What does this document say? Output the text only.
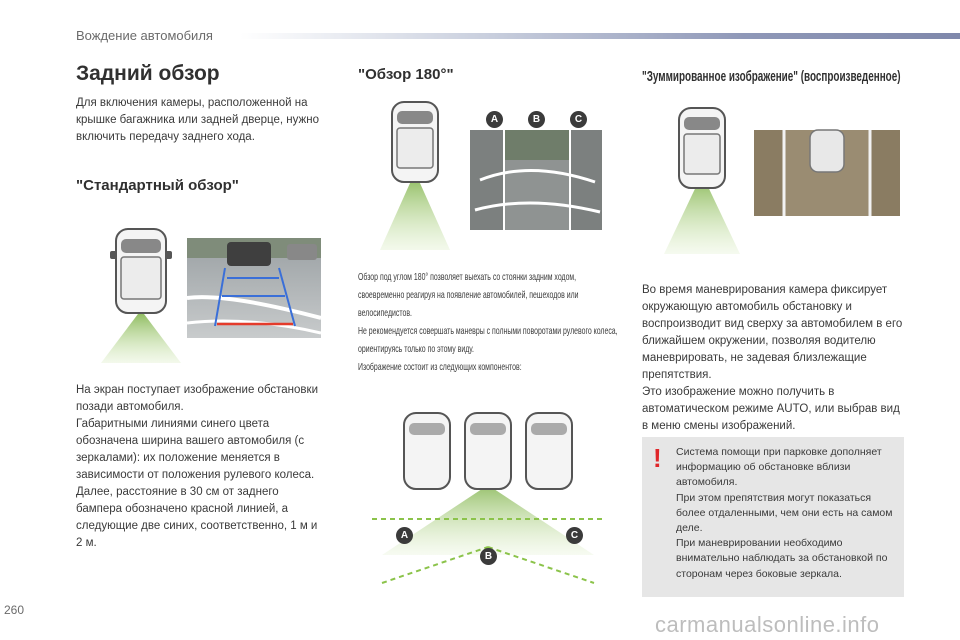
Вождение автомобиля
Задний обзор
Для включения камеры, расположенной на крышке багажника или задней дверце, нужно включить передачу заднего хода.
"Стандартный обзор"
На экран поступает изображение обстановки позади автомобиля.
Габаритными линиями синего цвета обозначена ширина вашего автомобиля (с зеркалами): их положение меняется в зависимости от положения рулевого колеса.
Далее, расстояние в 30 см от заднего бампера обозначено красной линией, а следующие две синих, соответственно, 1 м и 2 м.
"Обзор 180°"
A	B	C
Обзор под углом 180° позволяет выехать со стоянки задним ходом, своевременно реагируя на появление автомобилей, пешеходов или велосипедистов.
Не рекомендуется совершать маневры с полными поворотами рулевого колеса, ориентируясь только по этому виду.
Изображение состоит из следующих компонентов:
A
B
C
"Зуммированное изображение" (воспроизведенное)
Во время маневрирования камера фиксирует окружающую автомобиль обстановку и воспроизводит вид сверху за автомобилем в его ближайшем окружении, позволяя водителю маневрировать, не задевая близлежащие препятствия.
Это изображение можно получить в автоматическом режиме AUTO, или выбрав вид в меню смены изображений.
! Система помощи при парковке дополняет информацию об обстановке вблизи автомобиля.
При этом препятствия могут показаться более отдаленными, чем они есть на самом деле.
При маневрировании необходимо внимательно наблюдать за обстановкой по сторонам через боковые зеркала.
260
carmanualsonline.info
